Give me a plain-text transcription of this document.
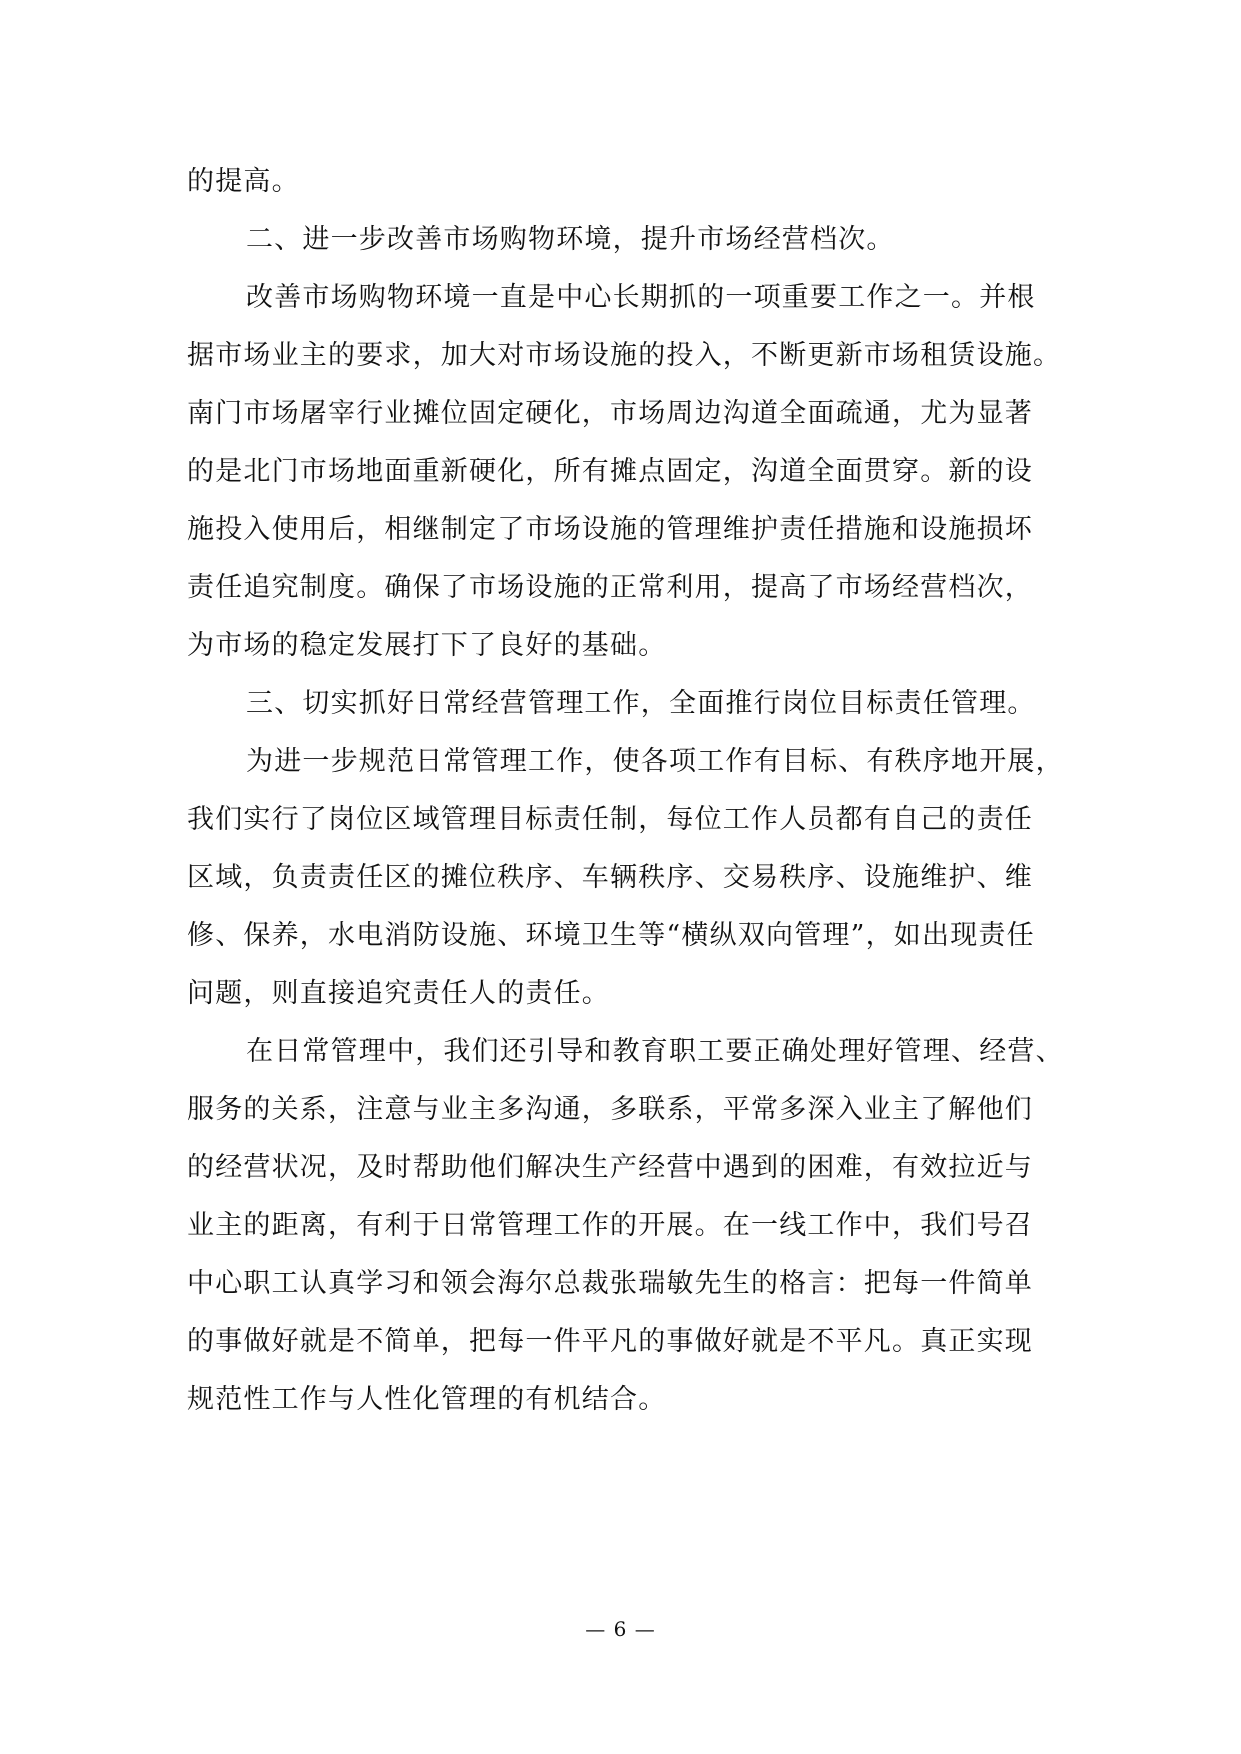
的提高。
二、进一步改善市场购物环境，提升市场经营档次。
改善市场购物环境一直是中心长期抓的一项重要工作之一。并根
据市场业主的要求，加大对市场设施的投入，不断更新市场租赁设施。
南门市场屠宰行业摊位固定硬化，市场周边沟道全面疏通，尤为显著
的是北门市场地面重新硬化，所有摊点固定，沟道全面贯穿。新的设
施投入使用后，相继制定了市场设施的管理维护责任措施和设施损坏
责任追究制度。确保了市场设施的正常利用，提高了市场经营档次，
为市场的稳定发展打下了良好的基础。
三、切实抓好日常经营管理工作，全面推行岗位目标责任管理。
为进一步规范日常管理工作，使各项工作有目标、有秩序地开展，
我们实行了岗位区域管理目标责任制，每位工作人员都有自己的责任
区域，负责责任区的摊位秩序、车辆秩序、交易秩序、设施维护、维
修、保养，水电消防设施、环境卫生等“横纵双向管理”，如出现责任
问题，则直接追究责任人的责任。
在日常管理中，我们还引导和教育职工要正确处理好管理、经营、
服务的关系，注意与业主多沟通，多联系，平常多深入业主了解他们
的经营状况，及时帮助他们解决生产经营中遇到的困难，有效拉近与
业主的距离，有利于日常管理工作的开展。在一线工作中，我们号召
中心职工认真学习和领会海尔总裁张瑞敏先生的格言：把每一件简单
的事做好就是不简单，把每一件平凡的事做好就是不平凡。真正实现
规范性工作与人性化管理的有机结合。
— 6 —
